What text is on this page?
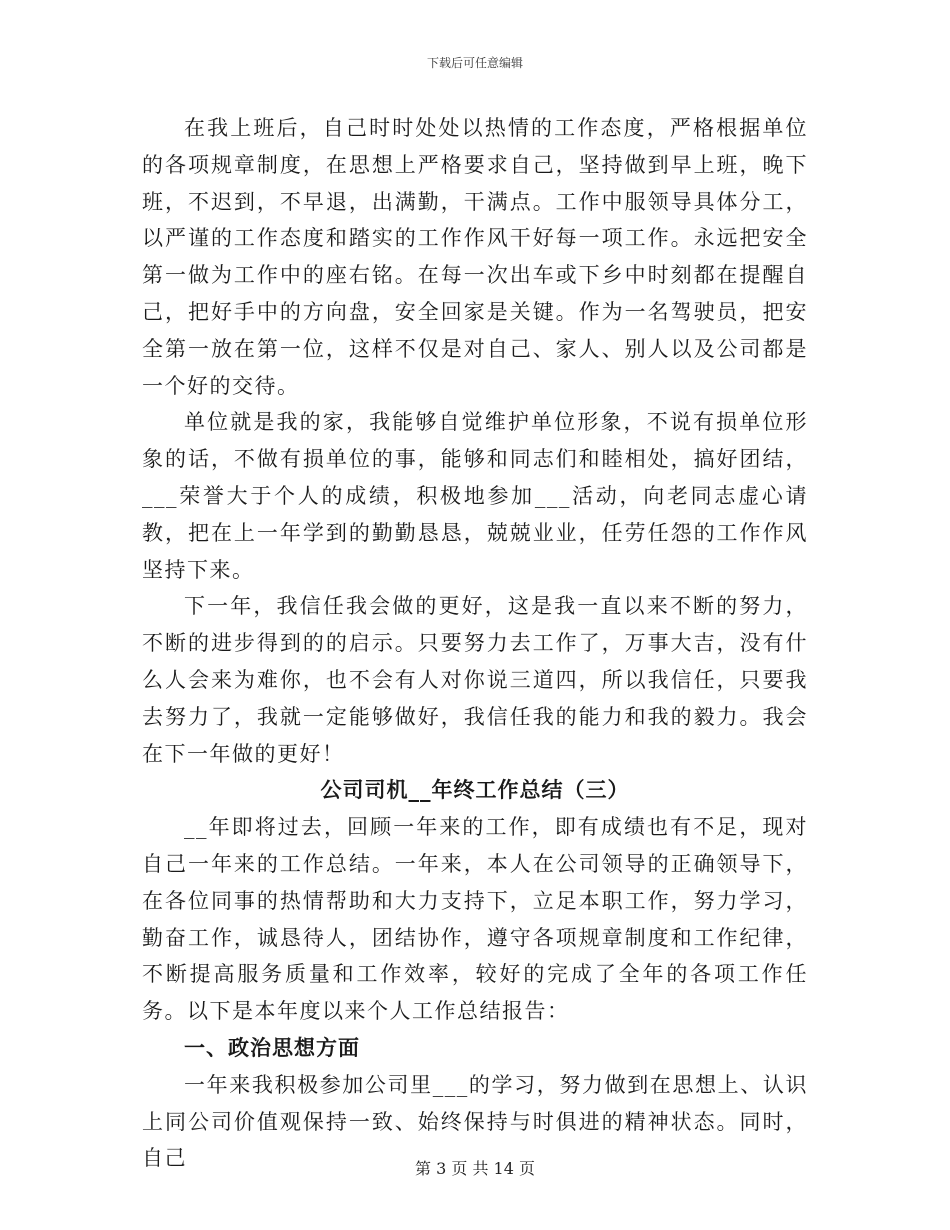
下载后可任意编辑

在我上班后，自己时时处处以热情的工作态度，严格根据单位的各项规章制度，在思想上严格要求自己，坚持做到早上班，晚下班，不迟到，不早退，出满勤，干满点。工作中服领导具体分工，以严谨的工作态度和踏实的工作作风干好每一项工作。永远把安全第一做为工作中的座右铭。在每一次出车或下乡中时刻都在提醒自己，把好手中的方向盘，安全回家是关键。作为一名驾驶员，把安全第一放在第一位，这样不仅是对自己、家人、别人以及公司都是一个好的交待。

单位就是我的家，我能够自觉维护单位形象，不说有损单位形象的话，不做有损单位的事，能够和同志们和睦相处，搞好团结，___荣誉大于个人的成绩，积极地参加___活动，向老同志虚心请教，把在上一年学到的勤勤恳恳，兢兢业业，任劳任怨的工作作风坚持下来。

下一年，我信任我会做的更好，这是我一直以来不断的努力，不断的进步得到的的启示。只要努力去工作了，万事大吉，没有什么人会来为难你，也不会有人对你说三道四，所以我信任，只要我去努力了，我就一定能够做好，我信任我的能力和我的毅力。我会在下一年做的更好！

公司司机__年终工作总结（三）

__年即将过去，回顾一年来的工作，即有成绩也有不足，现对自己一年来的工作总结。一年来，本人在公司领导的正确领导下，在各位同事的热情帮助和大力支持下，立足本职工作，努力学习，勤奋工作，诚恳待人，团结协作，遵守各项规章制度和工作纪律，不断提高服务质量和工作效率，较好的完成了全年的各项工作任务。以下是本年度以来个人工作总结报告：

一、政治思想方面

一年来我积极参加公司里___的学习，努力做到在思想上、认识上同公司价值观保持一致、始终保持与时俱进的精神状态。同时，自己	第 3 页 共 14 页
